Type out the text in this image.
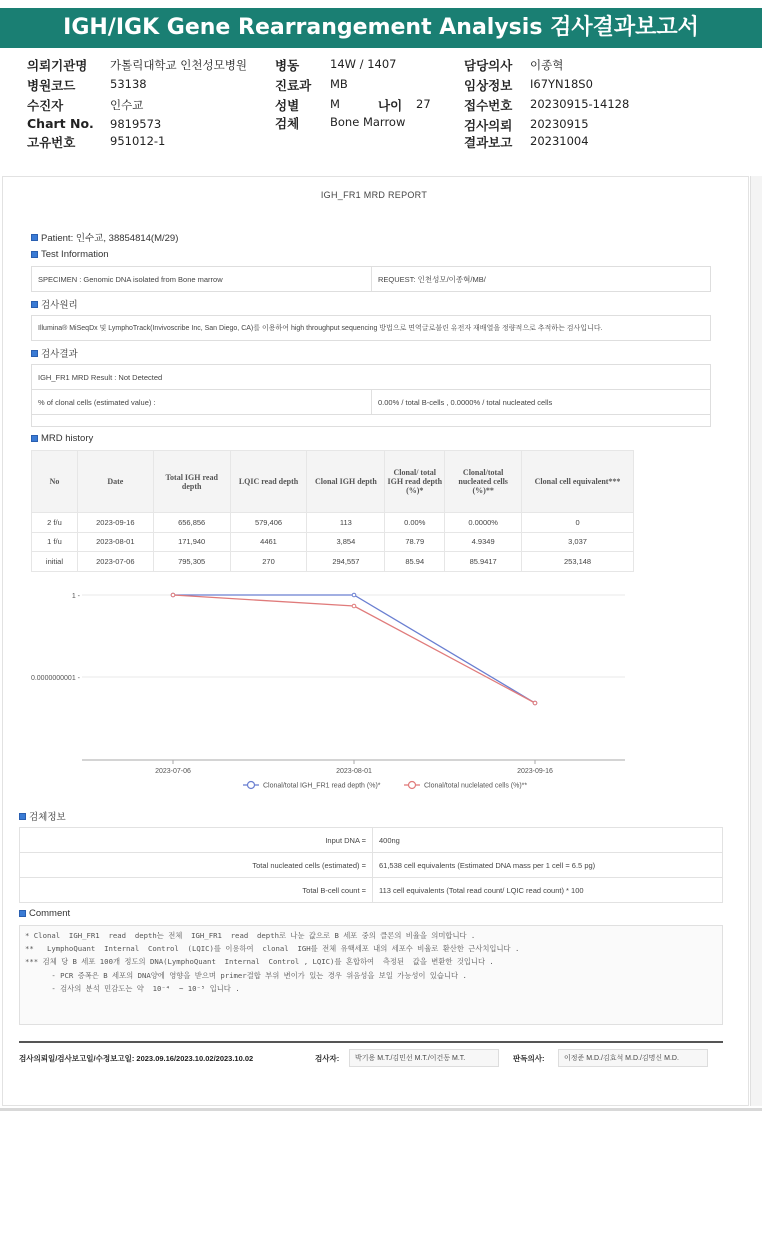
IGH/IGK Gene Rearrangement Analysis 검사결과보고서
의뢰기관명 가톨릭대학교 인천성모병원
병원코드	53138
수진자	인수교
Chart No. 9819573
고유번호	951012-1
병동	14W / 1407
진료과 MB
성별	M	나이 27
검체	Bone Marrow
담당의사 이종혁
임상정보 I67YN18S0
접수번호 20230915-14128
검사의뢰 20230915
결과보고 20231004
IGH_FR1 MRD REPORT
Patient: 인수교, 38854814(M/29)
Test Information
SPECIMEN : Genomic DNA isolated from Bone marrow	REQUEST: 인천성모/이종혁/MB/
검사원리
Illumina® MiSeqDx 및 LymphoTrack(Invivoscribe Inc, San Diego, CA)를 이용하여 high throughput sequencing 방법으로 면역글로불린 유전자 재배열을 정량적으로 추적하는 검사입니다.
검사결과
IGH_FR1 MRD Result : Not Detected
% of clonal cells (estimated value) :	0.00% / total B-cells , 0.0000% / total nucleated cells
MRD history
No	Date	Total IGH read depth	LQIC read depth	Clonal IGH depth	Clonal/ total IGH read depth (%)*	Clonal/total nucleated cells (%)**	Clonal cell equivalent***
2 f/u	2023-09-16	656,856	579,406	113	0.00%	0.0000%	0
1 f/u	2023-08-01	171,940	4461	3,854	78.79	4.9349	3,037
initial	2023-07-06	795,305	270	294,557	85.94	85.9417	253,148
1 -
0.0000000001 -
2023-07-06	2023-08-01	2023-09-16
Clonal/total IGH_FR1 read depth (%)*	Clonal/total nuclelated cells (%)**
검체정보
Input DNA =	400ng
Total nucleated cells (estimated) =	61,538 cell equivalents (Estimated DNA mass per 1 cell = 6.5 pg)
Total B-cell count =	113 cell equivalents (Total read count/ LQIC read count) * 100
Comment
* Clonal  IGH_FR1  read  depth는 전체  IGH_FR1  read  depth로 나눈 값으로 B 세포 중의 클론의 비율을 의미합니다 .
**   LymphoQuant  Internal  Control  (LQIC)를 이용하여  clonal  IGH를 전체 유핵세포 내의 세포수 비율로 환산한 근사치입니다 .
*** 검체 당 B 세포 100개 정도의 DNA(LymphoQuant  Internal  Control , LQIC)를 혼합하여  측정된  값을 변환한 것입니다 .
- PCR 증폭은 B 세포의 DNA양에 영향을 받으며 primer결합 부위 변이가 있는 경우 위음성을 보일 가능성이 있습니다 .
- 검사의 분석 민감도는 약  10⁻⁴  ~ 10⁻⁵ 입니다 .
검사의뢰일/검사보고일/수정보고일: 2023.09.16/2023.10.02/2023.10.02	검사자:	박기용 M.T./김민선 M.T./이건동 M.T.	판독의사:	이정준 M.D./김효석 M.D./김명신 M.D.
